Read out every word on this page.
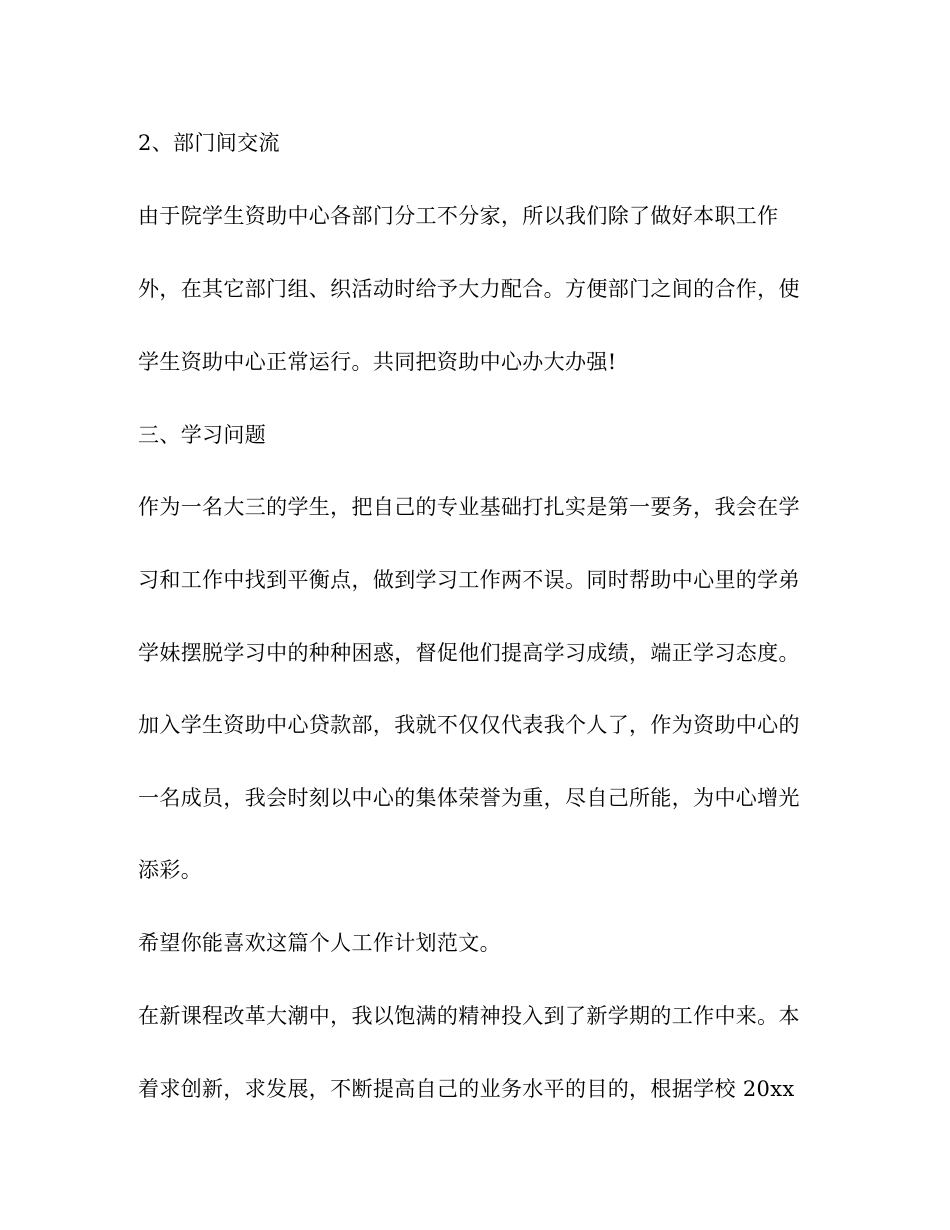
2、部门间交流

由于院学生资助中心各部门分工不分家，所以我们除了做好本职工作

外，在其它部门组、织活动时给予大力配合。方便部门之间的合作，使

学生资助中心正常运行。共同把资助中心办大办强!

三、学习问题

作为一名大三的学生，把自己的专业基础打扎实是第一要务，我会在学

习和工作中找到平衡点，做到学习工作两不误。同时帮助中心里的学弟

学妹摆脱学习中的种种困惑，督促他们提高学习成绩，端正学习态度。

加入学生资助中心贷款部，我就不仅仅代表我个人了，作为资助中心的

一名成员，我会时刻以中心的集体荣誉为重，尽自己所能，为中心增光

添彩。

希望你能喜欢这篇个人工作计划范文。

在新课程改革大潮中，我以饱满的精神投入到了新学期的工作中来。本

着求创新，求发展，不断提高自己的业务水平的目的，根据学校 20xx
